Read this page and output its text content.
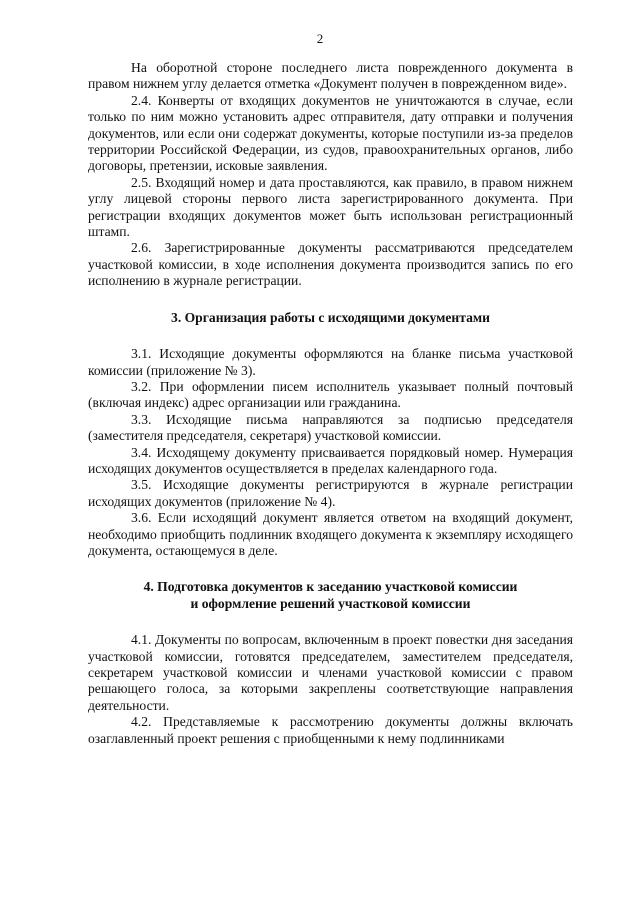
2

На оборотной стороне последнего листа поврежденного документа в правом нижнем углу делается отметка «Документ получен в поврежденном виде».

2.4. Конверты от входящих документов не уничтожаются в случае, если только по ним можно установить адрес отправителя, дату отправки и получения документов, или если они содержат документы, которые поступили из-за пределов территории Российской Федерации, из судов, правоохранительных органов, либо договоры, претензии, исковые заявления.

2.5. Входящий номер и дата проставляются, как правило, в правом нижнем углу лицевой стороны первого листа зарегистрированного документа. При регистрации входящих документов может быть использован регистрационный штамп.

2.6. Зарегистрированные документы рассматриваются председателем участковой комиссии, в ходе исполнения документа производится запись по его исполнению в журнале регистрации.

3. Организация работы с исходящими документами

3.1. Исходящие документы оформляются на бланке письма участковой комиссии (приложение № 3).

3.2. При оформлении писем исполнитель указывает полный почтовый (включая индекс) адрес организации или гражданина.

3.3. Исходящие письма направляются за подписью председателя (заместителя председателя, секретаря) участковой комиссии.

3.4. Исходящему документу присваивается порядковый номер. Нумерация исходящих документов осуществляется в пределах календарного года.

3.5. Исходящие документы регистрируются в журнале регистрации исходящих документов (приложение № 4).

3.6. Если исходящий документ является ответом на входящий документ, необходимо приобщить подлинник входящего документа к экземпляру исходящего документа, остающемуся в деле.

4. Подготовка документов к заседанию участковой комиссии
и оформление решений участковой комиссии

4.1. Документы по вопросам, включенным в проект повестки дня заседания участковой комиссии, готовятся председателем, заместителем председателя, секретарем участковой комиссии и членами участковой комиссии с правом решающего голоса, за которыми закреплены соответствующие направления деятельности.

4.2. Представляемые к рассмотрению документы должны включать озаглавленный проект решения с приобщенными к нему подлинниками
